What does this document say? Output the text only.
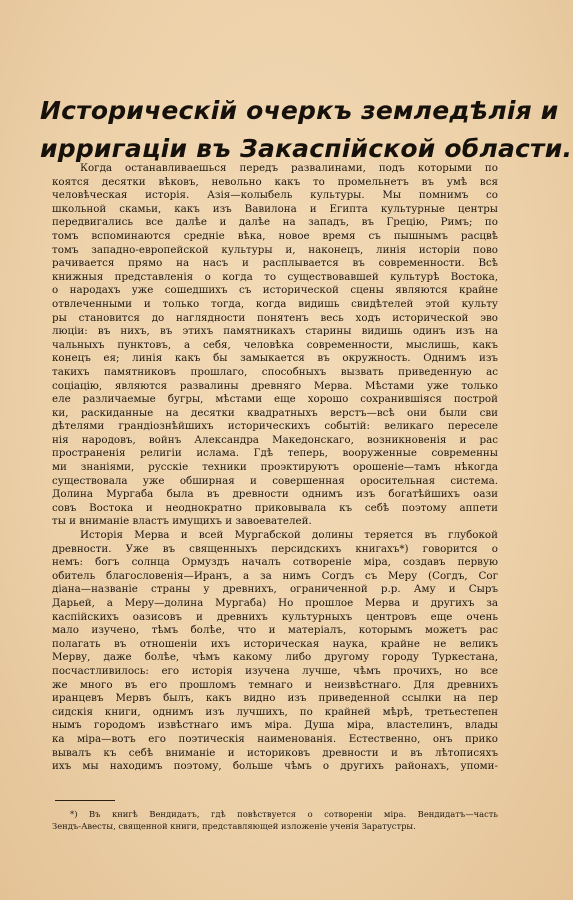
Историческій очеркъ земледѣлія и
ирригаціи въ Закаспійской области.
Когда останавливаешься передъ развалинами, подъ которыми по
коятся десятки вѣковъ, невольно какъ то промельнетъ въ умѣ вся
человѣческая исторія. Азія—колыбель культуры. Мы помнимъ со
школьной скамьи, какъ изъ Вавилона и Египта культурные центры
передвигались все далѣе и далѣе на западъ, въ Грецію, Римъ; по
томъ вспоминаются средніе вѣка, новое время съ пышнымъ расцвѣ
томъ западно-европейской культуры и, наконецъ, линія исторіи пово
рачивается прямо на насъ и расплывается въ современности. Всѣ
книжныя представленія о когда то существовавшей культурѣ Востока,
о народахъ уже сошедшихъ съ исторической сцены являются крайне
отвлеченными и только тогда, когда видишь свидѣтелей этой культу
ры становится до наглядности понятенъ весь ходъ исторической эво
люціи: въ нихъ, въ этихъ памятникахъ старины видишь одинъ изъ на
чальныхъ пунктовъ, а себя, человѣка современности, мыслишь, какъ
конецъ ея; линія какъ бы замыкается въ окружность. Однимъ изъ
такихъ памятниковъ прошлаго, способныхъ вызвать приведенную ас
соціацію, являются развалины древняго Мерва. Мѣстами уже только
еле различаемые бугры, мѣстами еще хорошо сохранившіяся построй
ки, раскиданные на десятки квадратныхъ верстъ—всѣ они были сви
дѣтелями грандіознѣйшихъ историческихъ событій: великаго переселе
нія народовъ, войнъ Александра Македонскаго, возникновенія и рас
пространенія религіи ислама. Гдѣ теперь, вооруженные современны
ми знаніями, русскіе техники проэктируютъ орошеніе—тамъ нѣкогда
существовала уже обширная и совершенная оросительная система.
Долина Мургаба была въ древности однимъ изъ богатѣйшихъ оази
совъ Востока и неоднократно приковывала къ себѣ поэтому аппети
ты и вниманіе властъ имущихъ и завоевателей.
Исторія Мерва и всей Мургабской долины теряется въ глубокой
древности. Уже въ священныхъ персидскихъ книгахъ*) говорится о
немъ: богъ солнца Ормуздъ началъ сотвореніе міра, создавъ первую
обитель благословенія—Иранъ, а за нимъ Согдъ съ Меру (Согдъ, Сог
діана—названіе страны у древнихъ, ограниченной р.р. Аму и Сыръ
Дарьей, а Меру—долина Мургаба) Но прошлое Мерва и другихъ за
каспійскихъ оазисовъ и древнихъ культурныхъ центровъ еще очень
мало изучено, тѣмъ болѣе, что и матеріалъ, которымъ можетъ рас
полагать въ отношеніи ихъ историческая наука, крайне не великъ
Мерву, даже болѣе, чѣмъ какому либо другому городу Туркестана,
посчастливилось: его исторія изучена лучше, чѣмъ прочихъ, но все
же много въ его прошломъ темнаго и неизвѣстнаго. Для древнихъ
иранцевъ Мервъ былъ, какъ видно изъ приведенной ссылки на пер
сидскія книги, однимъ изъ лучшихъ, по крайней мѣрѣ, третьестепен
нымъ городомъ извѣстнаго имъ міра. Душа міра, властелинъ, влады
ка міра—вотъ его поэтическія наименованія. Естественно, онъ прико
вывалъ къ себѣ вниманіе и историковъ древности и въ лѣтописяхъ
ихъ мы находимъ поэтому, больше чѣмъ о другихъ районахъ, упоми-
*) Въ книгѣ Вендидатъ, гдѣ повѣствуется о сотвореніи міра. Вендидатъ—часть
Зендъ-Авесты, священной книги, представляющей изложеніе ученія Заратустры.
